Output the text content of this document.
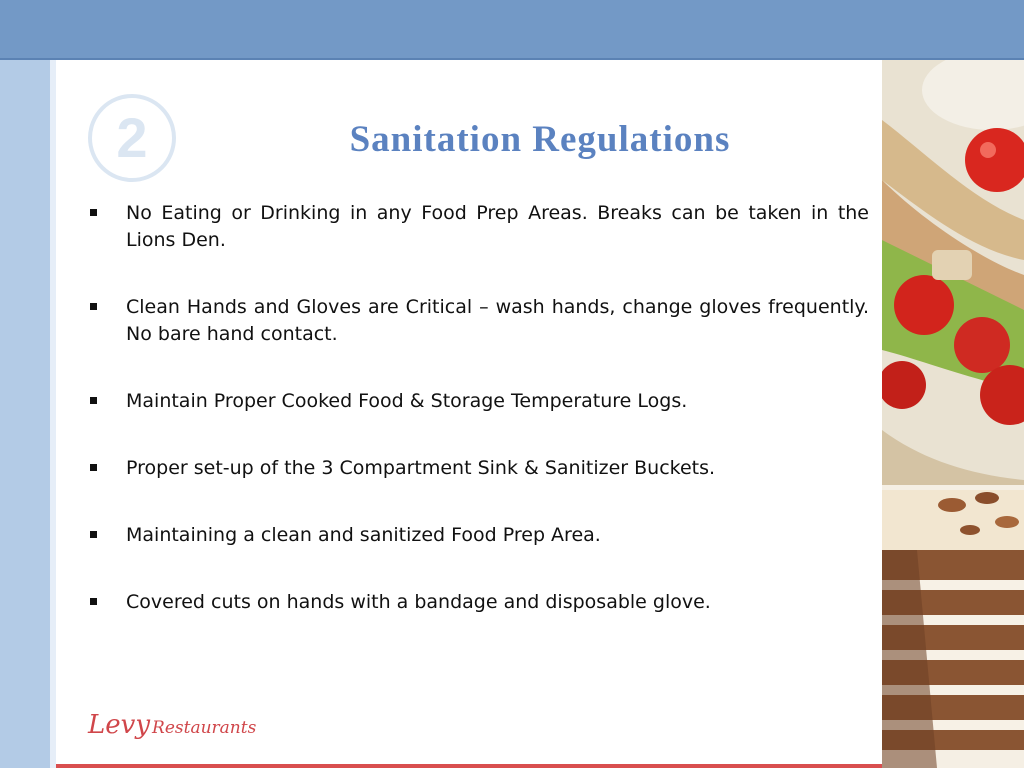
2	Sanitation Regulations
No Eating or Drinking in any Food Prep Areas. Breaks can be taken in the Lions Den.
Clean Hands and Gloves are Critical – wash hands, change gloves frequently. No bare hand contact.
Maintain Proper Cooked Food & Storage Temperature Logs.
Proper set-up of the 3 Compartment Sink & Sanitizer Buckets.
Maintaining a clean and sanitized Food Prep Area.
Covered cuts on hands with a bandage and disposable glove.
Levy Restaurants
